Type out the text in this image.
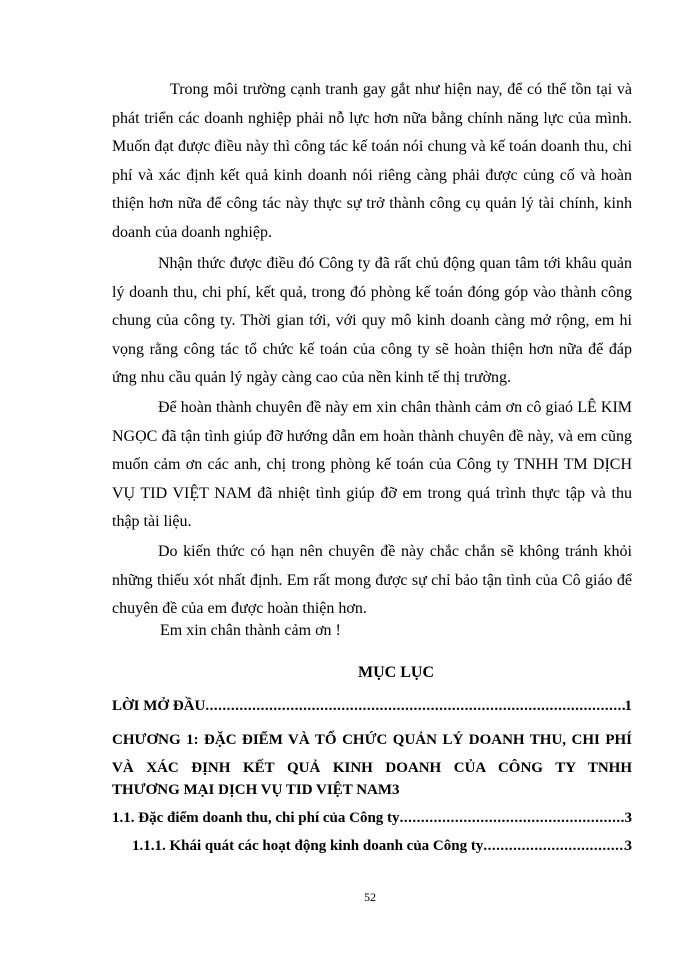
Trong môi trường cạnh tranh gay gắt như hiện nay, để có thể tồn tại và phát triển các doanh nghiệp phải nỗ lực hơn nữa bằng chính năng lực của mình. Muốn đạt được điều này thì công tác kế toán nói chung và kế toán doanh thu, chi phí và xác định kết quả kinh doanh nói riêng càng phải được củng cố và hoàn thiện hơn nữa để công tác này thực sự trở thành công cụ quản lý tài chính, kinh doanh của doanh nghiệp.

Nhận thức được điều đó Công ty đã rất chủ động quan tâm tới khâu quản lý doanh thu, chi phí, kết quả, trong đó phòng kế toán đóng góp vào thành công chung của công ty. Thời gian tới, với quy mô kinh doanh càng mở rộng, em hi vọng rằng công tác tổ chức kế toán của công ty sẽ hoàn thiện hơn nữa để đáp ứng nhu cầu quản lý ngày càng cao của nền kinh tế thị trường.

Để hoàn thành chuyên đề này em xin chân thành cảm ơn cô giaó LÊ KIM NGỌC đã tận tình giúp đỡ hướng dẫn em hoàn thành chuyên đề này, và em cũng muốn cảm ơn các anh, chị trong phòng kế toán của Công ty TNHH TM DỊCH VỤ TID VIỆT NAM đã nhiệt tình giúp đỡ em trong quá trình thực tập và thu thập tài liệu.

Do kiến thức có hạn nên chuyên đề này chắc chắn sẽ không tránh khỏi những thiếu xót nhất định. Em rất mong được sự chỉ bảo tận tình của Cô giáo để chuyên đề của em được hoàn thiện hơn.

Em xin chân thành cảm ơn !

MỤC LỤC

LỜI MỞ ĐẦU .....	1

CHƯƠNG 1: ĐẶC ĐIỂM VÀ TỔ CHỨC QUẢN LÝ DOANH THU, CHI PHÍ VÀ XÁC ĐỊNH KẾT QUẢ KINH DOANH CỦA CÔNG TY TNHH

THƯƠNG MẠI DỊCH VỤ TID VIỆT NAM 3
1.1. Đặc điểm doanh thu, chi phí của Công ty .....	3
1.1.1. Khái quát các hoạt động kinh doanh của Công ty .....	3

52
